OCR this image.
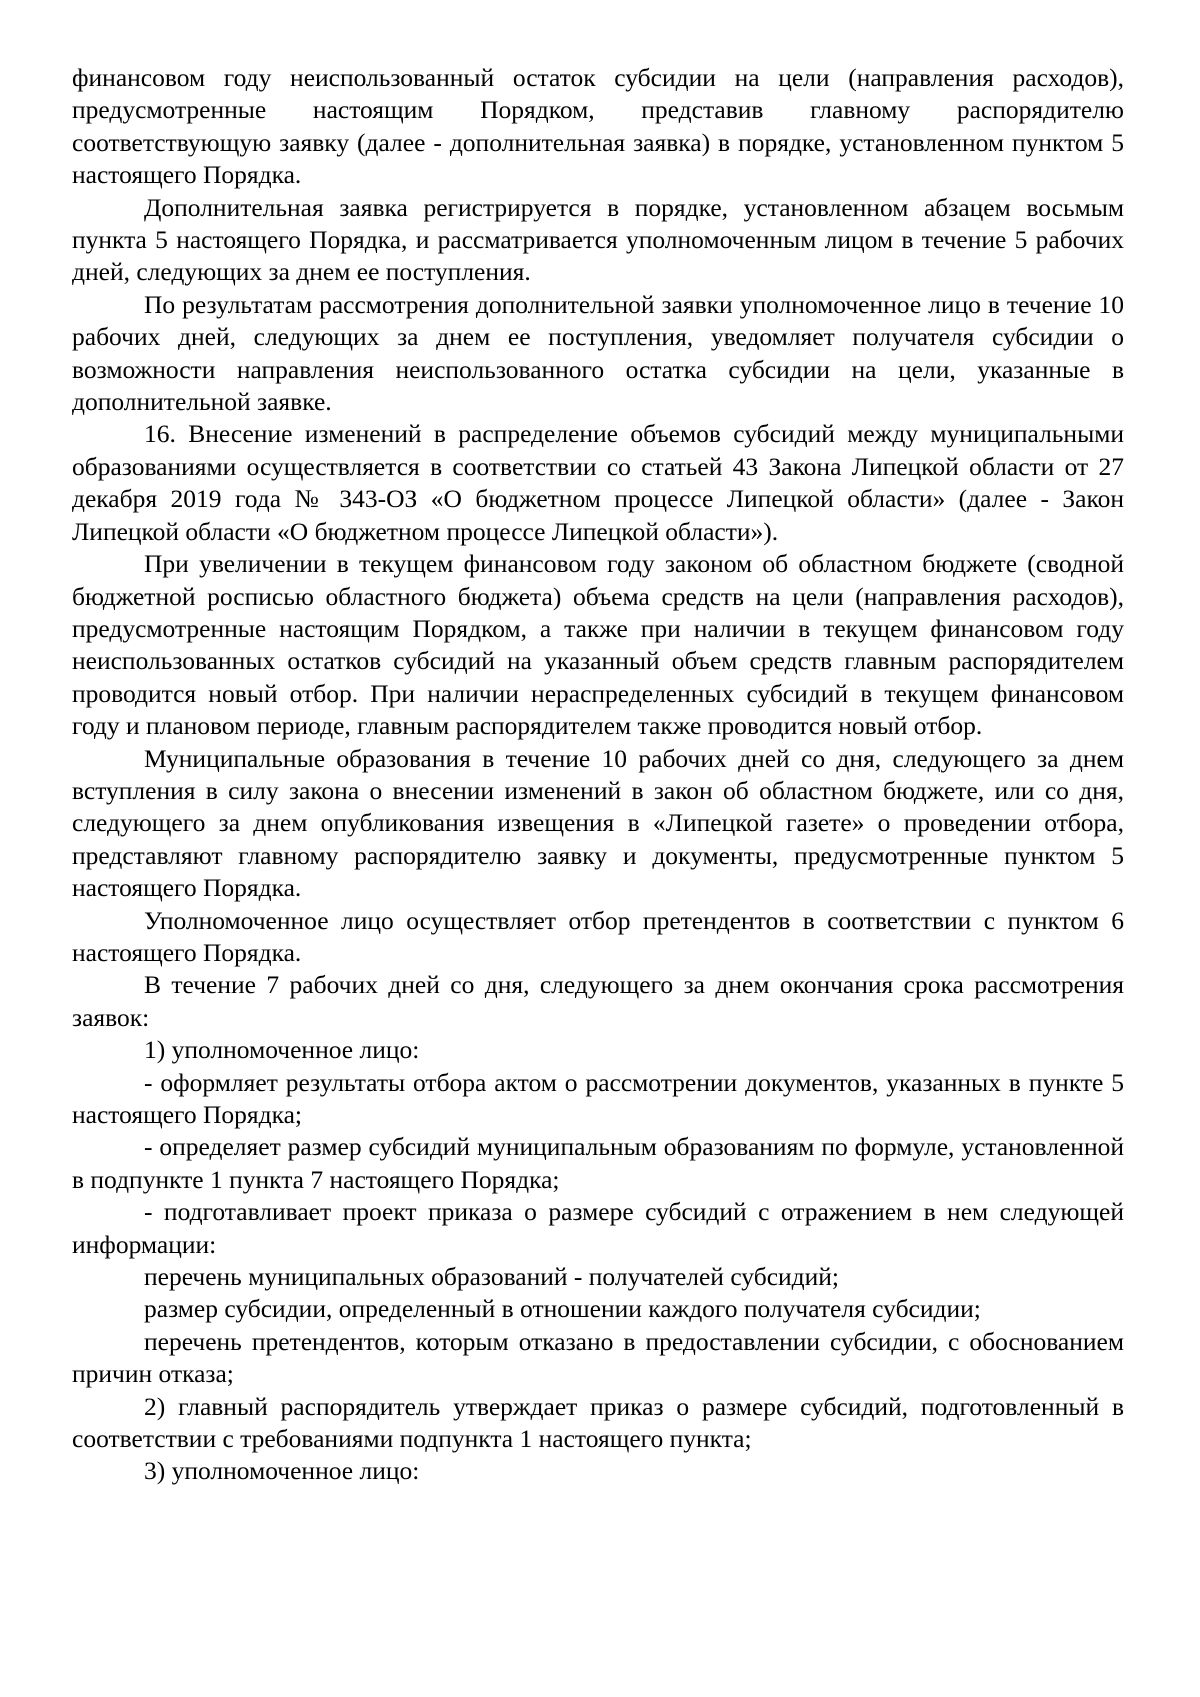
финансовом году неиспользованный остаток субсидии на цели (направления расходов), предусмотренные настоящим Порядком, представив главному распорядителю соответствующую заявку (далее - дополнительная заявка) в порядке, установленном пунктом 5 настоящего Порядка.

Дополнительная заявка регистрируется в порядке, установленном абзацем восьмым пункта 5 настоящего Порядка, и рассматривается уполномоченным лицом в течение 5 рабочих дней, следующих за днем ее поступления.

По результатам рассмотрения дополнительной заявки уполномоченное лицо в течение 10 рабочих дней, следующих за днем ее поступления, уведомляет получателя субсидии о возможности направления неиспользованного остатка субсидии на цели, указанные в дополнительной заявке.

16. Внесение изменений в распределение объемов субсидий между муниципальными образованиями осуществляется в соответствии со статьей 43 Закона Липецкой области от 27 декабря 2019 года № 343-ОЗ «О бюджетном процессе Липецкой области» (далее - Закон Липецкой области «О бюджетном процессе Липецкой области»).

При увеличении в текущем финансовом году законом об областном бюджете (сводной бюджетной росписью областного бюджета) объема средств на цели (направления расходов), предусмотренные настоящим Порядком, а также при наличии в текущем финансовом году неиспользованных остатков субсидий на указанный объем средств главным распорядителем проводится новый отбор. При наличии нераспределенных субсидий в текущем финансовом году и плановом периоде, главным распорядителем также проводится новый отбор.

Муниципальные образования в течение 10 рабочих дней со дня, следующего за днем вступления в силу закона о внесении изменений в закон об областном бюджете, или со дня, следующего за днем опубликования извещения в «Липецкой газете» о проведении отбора, представляют главному распорядителю заявку и документы, предусмотренные пунктом 5 настоящего Порядка.

Уполномоченное лицо осуществляет отбор претендентов в соответствии с пунктом 6 настоящего Порядка.

В течение 7 рабочих дней со дня, следующего за днем окончания срока рассмотрения заявок:

1) уполномоченное лицо:

- оформляет результаты отбора актом о рассмотрении документов, указанных в пункте 5 настоящего Порядка;

- определяет размер субсидий муниципальным образованиям по формуле, установленной в подпункте 1 пункта 7 настоящего Порядка;

- подготавливает проект приказа о размере субсидий с отражением в нем следующей информации:

перечень муниципальных образований - получателей субсидий;

размер субсидии, определенный в отношении каждого получателя субсидии;

перечень претендентов, которым отказано в предоставлении субсидии, с обоснованием причин отказа;

2) главный распорядитель утверждает приказ о размере субсидий, подготовленный в соответствии с требованиями подпункта 1 настоящего пункта;

3) уполномоченное лицо:
